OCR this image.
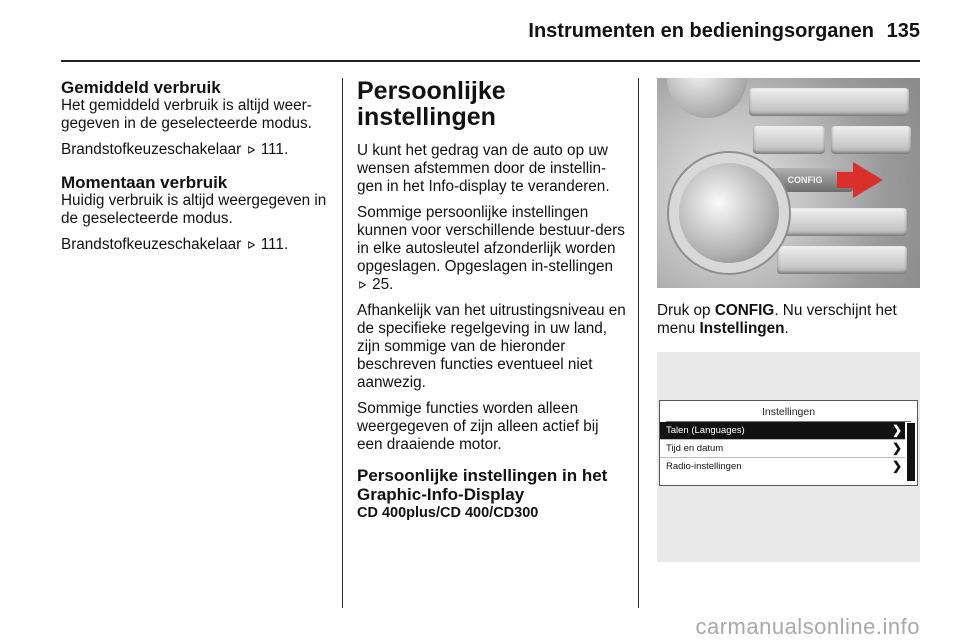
Instrumenten en bedieningsorganen 135
Gemiddeld verbruik

Het gemiddeld verbruik is altijd weer-gegeven in de geselecteerde modus.

Brandstofkeuzeschakelaar ⊳ 111.

Momentaan verbruik

Huidig verbruik is altijd weergegeven in de geselecteerde modus.

Brandstofkeuzeschakelaar ⊳ 111.

Persoonlijke
instellingen

U kunt het gedrag van de auto op uw wensen afstemmen door de instellin-gen in het Info-display te veranderen.

Sommige persoonlijke instellingen kunnen voor verschillende bestuur-ders in elke autosleutel afzonderlijk worden opgeslagen. Opgeslagen in-stellingen ⊳ 25.

Afhankelijk van het uitrustingsniveau en de specifieke regelgeving in uw land, zijn sommige van de hieronder beschreven functies eventueel niet aanwezig.

Sommige functies worden alleen weergegeven of zijn alleen actief bij een draaiende motor.

Persoonlijke instellingen in het Graphic-Info-Display
CD 400plus/CD 400/CD300
CONFIG

Druk op CONFIG. Nu verschijnt het menu Instellingen.

Instellingen
Talen (Languages)	❯
Tijd en datum	❯
Radio-instellingen	❯
carmanualsonline.info
